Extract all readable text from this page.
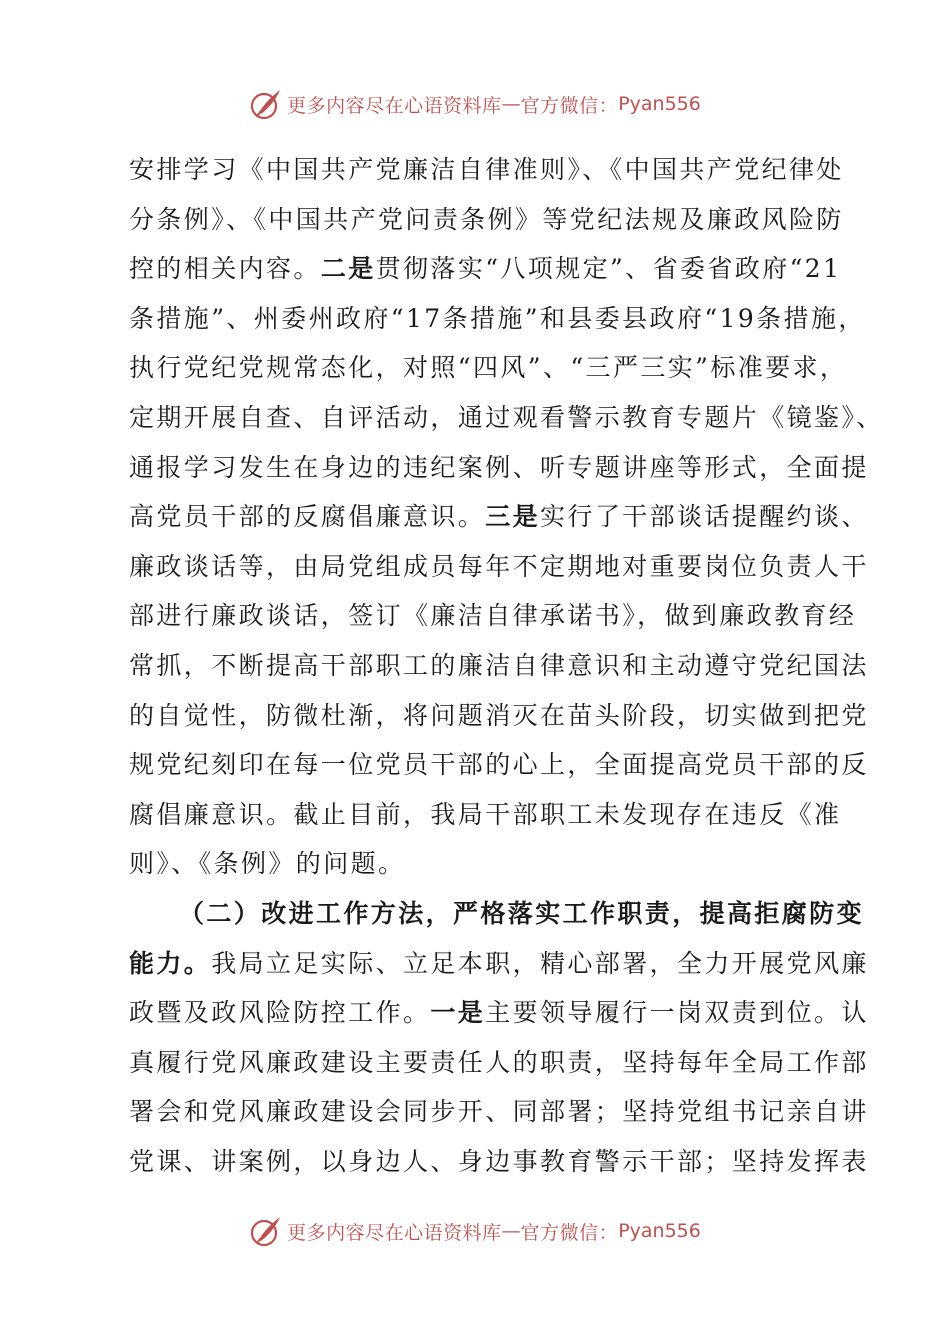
更多内容尽在心语资料库 — 官方微信： Pyan556
安排学习《中国共产党廉洁自律准则》、《中国共产党纪律处
分条例》、《中国共产党问责条例》等党纪法规及廉政风险防
控的相关内容。二是贯彻落实“八项规定”、省委省政府“21
条措施”、州委州政府“17条措施”和县委县政府“19条措施，
执行党纪党规常态化，对照“四风”、“三严三实”标准要求，
定期开展自查、自评活动，通过观看警示教育专题片《镜鉴》、
通报学习发生在身边的违纪案例、听专题讲座等形式，全面提
高党员干部的反腐倡廉意识。三是实行了干部谈话提醒约谈、
廉政谈话等，由局党组成员每年不定期地对重要岗位负责人干
部进行廉政谈话，签订《廉洁自律承诺书》，做到廉政教育经
常抓，不断提高干部职工的廉洁自律意识和主动遵守党纪国法
的自觉性，防微杜渐，将问题消灭在苗头阶段，切实做到把党
规党纪刻印在每一位党员干部的心上，全面提高党员干部的反
腐倡廉意识。截止目前，我局干部职工未发现存在违反《准
则》、《条例》的问题。
（二）改进工作方法，严格落实工作职责，提高拒腐防变
能力。我局立足实际、立足本职，精心部署，全力开展党风廉
政暨及政风险防控工作。一是主要领导履行一岗双责到位。认
真履行党风廉政建设主要责任人的职责，坚持每年全局工作部
署会和党风廉政建设会同步开、同部署；坚持党组书记亲自讲
党课、讲案例，以身边人、身边事教育警示干部；坚持发挥表
更多内容尽在心语资料库 — 官方微信： Pyan556
